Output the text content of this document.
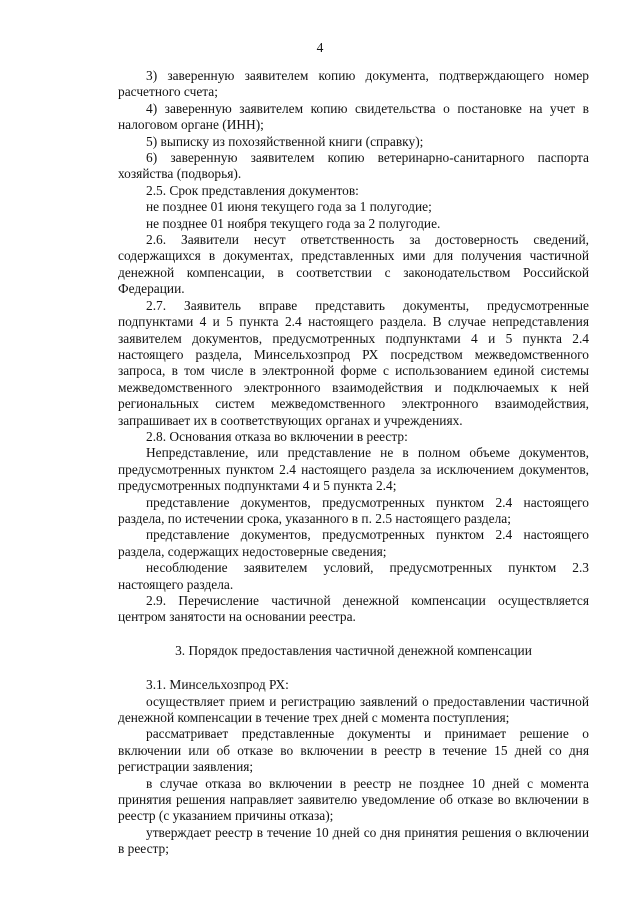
4

3) заверенную заявителем копию документа, подтверждающего номер расчетного счета;

4) заверенную заявителем копию свидетельства о постановке на учет в налоговом органе (ИНН);

5) выписку из похозяйственной книги (справку);

6) заверенную заявителем копию ветеринарно-санитарного паспорта хозяйства (подворья).

2.5. Срок представления документов:

не позднее 01 июня текущего года за 1 полугодие;

не позднее 01 ноября текущего года за 2 полугодие.

2.6. Заявители несут ответственность за достоверность сведений, содержащихся в документах, представленных ими для получения частичной денежной компенсации, в соответствии с законодательством Российской Федерации.

2.7. Заявитель вправе представить документы, предусмотренные подпунктами 4 и 5 пункта 2.4 настоящего раздела. В случае непредставления заявителем документов, предусмотренных подпунктами 4 и 5 пункта 2.4 настоящего раздела, Минсельхозпрод РХ посредством межведомственного запроса, в том числе в электронной форме с использованием единой системы межведомственного электронного взаимодействия и подключаемых к ней региональных систем межведомственного электронного взаимодействия, запрашивает их в соответствующих органах и учреждениях.

2.8. Основания отказа во включении в реестр:

Непредставление, или представление не в полном объеме документов, предусмотренных пунктом 2.4 настоящего раздела за исключением документов, предусмотренных подпунктами 4 и 5 пункта 2.4;

представление документов, предусмотренных пунктом 2.4 настоящего раздела, по истечении срока, указанного в п. 2.5 настоящего раздела;

представление документов, предусмотренных пунктом 2.4 настоящего раздела, содержащих недостоверные сведения;

несоблюдение заявителем условий, предусмотренных пунктом 2.3 настоящего раздела.

2.9. Перечисление частичной денежной компенсации осуществляется центром занятости на основании реестра.

3. Порядок предоставления частичной денежной компенсации

3.1. Минсельхозпрод РХ:

осуществляет прием и регистрацию заявлений о предоставлении частичной денежной компенсации в течение трех дней с момента поступления;

рассматривает представленные документы и принимает решение о включении или об отказе во включении в реестр в течение 15 дней со дня регистрации заявления;

в случае отказа во включении в реестр не позднее 10 дней с момента принятия решения направляет заявителю уведомление об отказе во включении в реестр (с указанием причины отказа);

утверждает реестр в течение 10 дней со дня принятия решения о включении в реестр;
